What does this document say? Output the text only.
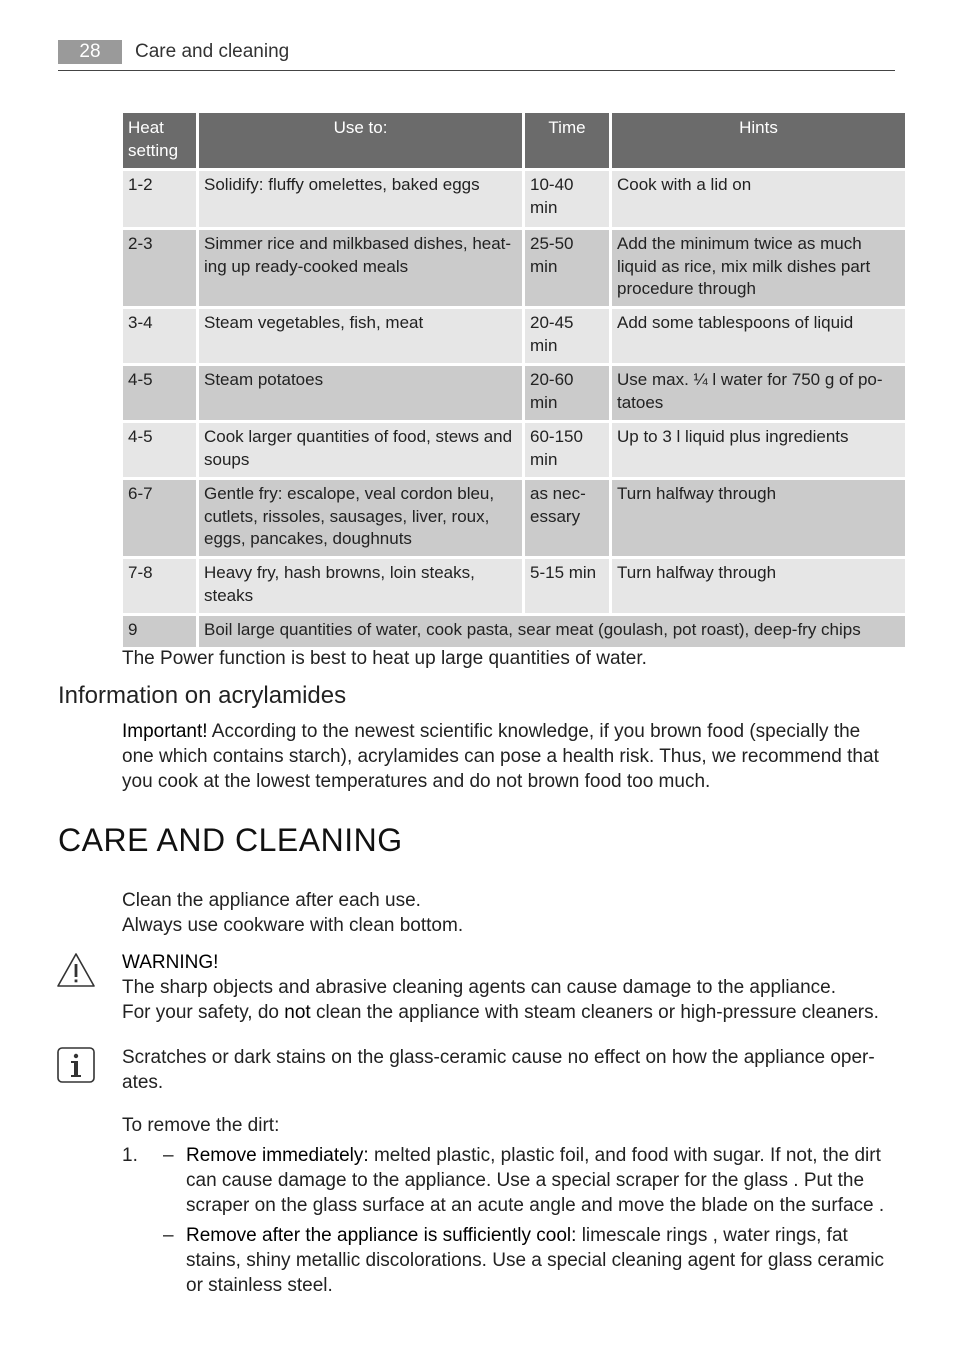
28	Care and cleaning
Heat setting	Use to:	Time	Hints
1-2	Solidify: fluffy omelettes, baked eggs	10-40 min	Cook with a lid on
2-3	Simmer rice and milkbased dishes, heat-ing up ready-cooked meals	25-50 min	Add the minimum twice as much liquid as rice, mix milk dishes part procedure through
3-4	Steam vegetables, fish, meat	20-45 min	Add some tablespoons of liquid
4-5	Steam potatoes	20-60 min	Use max. ¼ l water for 750 g of po-tatoes
4-5	Cook larger quantities of food, stews and soups	60-150 min	Up to 3 l liquid plus ingredients
6-7	Gentle fry: escalope, veal cordon bleu, cutlets, rissoles, sausages, liver, roux, eggs, pancakes, doughnuts	as nec-essary	Turn halfway through
7-8	Heavy fry, hash browns, loin steaks, steaks	5-15 min	Turn halfway through
9	Boil large quantities of water, cook pasta, sear meat (goulash, pot roast), deep-fry chips		
The Power function is best to heat up large quantities of water.
Information on acrylamides
Important! According to the newest scientific knowledge, if you brown food (specially the one which contains starch), acrylamides can pose a health risk. Thus, we recommend that you cook at the lowest temperatures and do not brown food too much.
CARE AND CLEANING
Clean the appliance after each use.
Always use cookware with clean bottom.
WARNING!
The sharp objects and abrasive cleaning agents can cause damage to the appliance.
For your safety, do not clean the appliance with steam cleaners or high-pressure cleaners.
Scratches or dark stains on the glass-ceramic cause no effect on how the appliance oper-ates.
To remove the dirt:
1. – Remove immediately: melted plastic, plastic foil, and food with sugar. If not, the dirt can cause damage to the appliance. Use a special scraper for the glass . Put the scraper on the glass surface at an acute angle and move the blade on the surface .
– Remove after the appliance is sufficiently cool: limescale rings , water rings, fat stains, shiny metallic discolorations. Use a special cleaning agent for glass ceramic or stainless steel.
